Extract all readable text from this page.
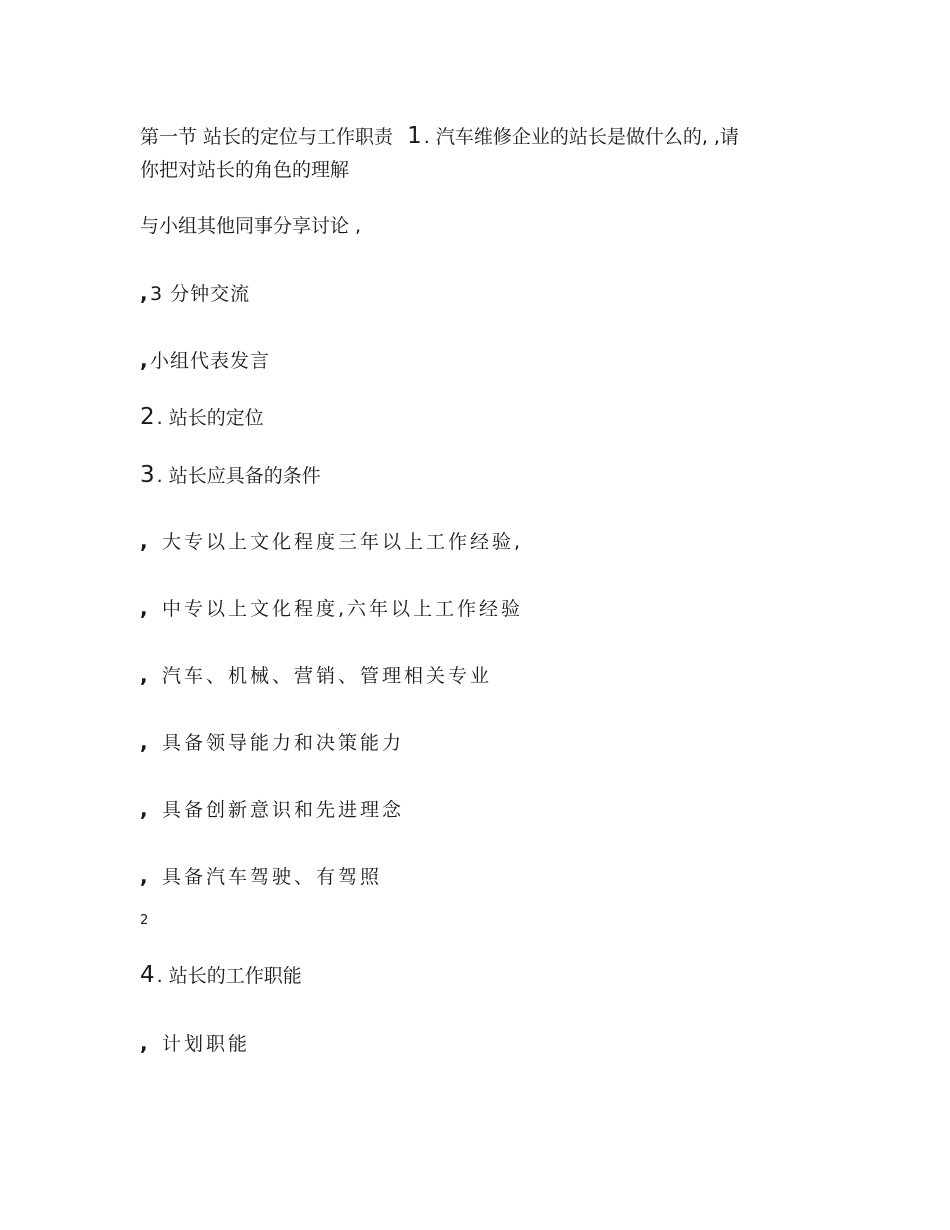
第一节 站长的定位与工作职责 1 . 汽车维修企业的站长是做什么的, ,请
你把对站长的角色的理解
与小组其他同事分享讨论 ,
, 3 分钟交流
, 小组代表发言
2 . 站长的定位
3 . 站长应具备的条件
, 大专以上文化程度三年以上工作经验,
, 中专以上文化程度,六年以上工作经验
, 汽车、机械、营销、管理相关专业
, 具备领导能力和决策能力
, 具备创新意识和先进理念
, 具备汽车驾驶、有驾照
2
4 . 站长的工作职能
, 计划职能
